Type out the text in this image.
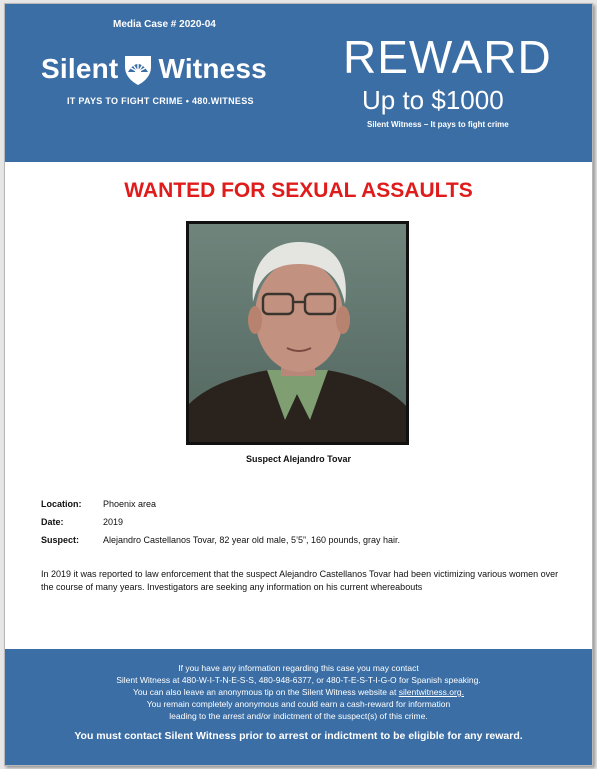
Media Case # 2020-04
Silent Witness
IT PAYS TO FIGHT CRIME • 480.WITNESS
REWARD
Up to $1000
Silent Witness – It pays to fight crime
WANTED FOR SEXUAL ASSAULTS
Suspect Alejandro Tovar
Location:	Phoenix area
Date:	2019
Suspect:	Alejandro Castellanos Tovar, 82 year old male, 5’5”, 160 pounds, gray hair.
In 2019 it was reported to law enforcement that the suspect Alejandro Castellanos Tovar had been victimizing various women over the course of many years. Investigators are seeking any information on his current whereabouts
If you have any information regarding this case you may contact
Silent Witness at 480-W-I-T-N-E-S-S, 480-948-6377, or 480-T-E-S-T-I-G-O for Spanish speaking.
You can also leave an anonymous tip on the Silent Witness website at silentwitness.org.
You remain completely anonymous and could earn a cash-reward for information
leading to the arrest and/or indictment of the suspect(s) of this crime.
You must contact Silent Witness prior to arrest or indictment to be eligible for any reward.
